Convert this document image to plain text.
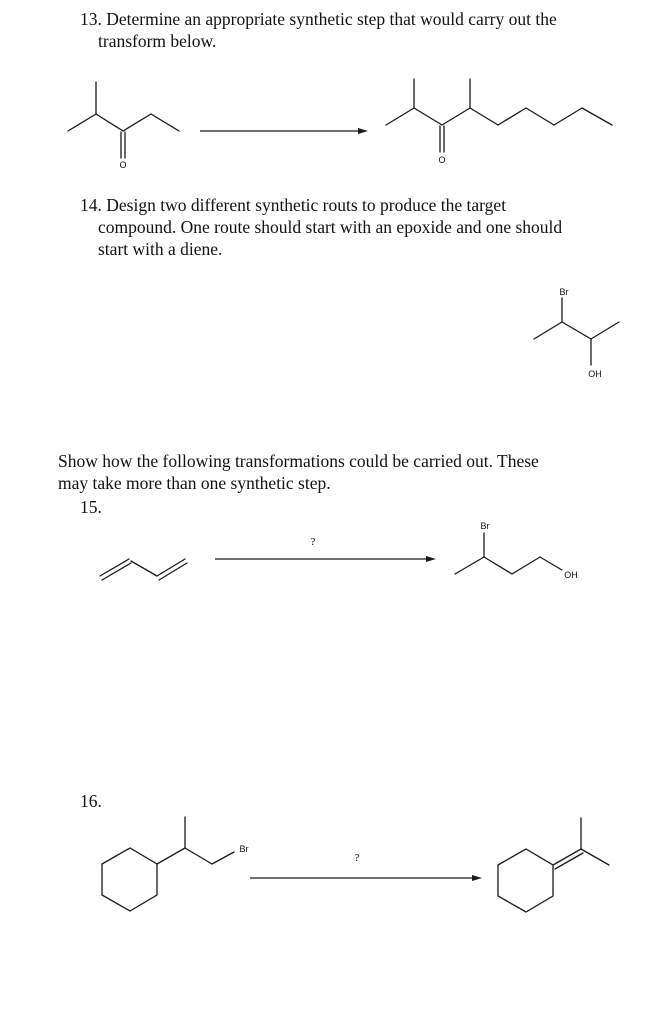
13. Determine an appropriate synthetic step that would carry out the
transform below.
14. Design two different synthetic routs to produce the target
compound. One route should start with an epoxide and one should
start with a diene.
Show how the following transformations could be carried out. These
may take more than one synthetic step.
15.
16.
O	O
Br
OH
?
Br
OH
Br
?
